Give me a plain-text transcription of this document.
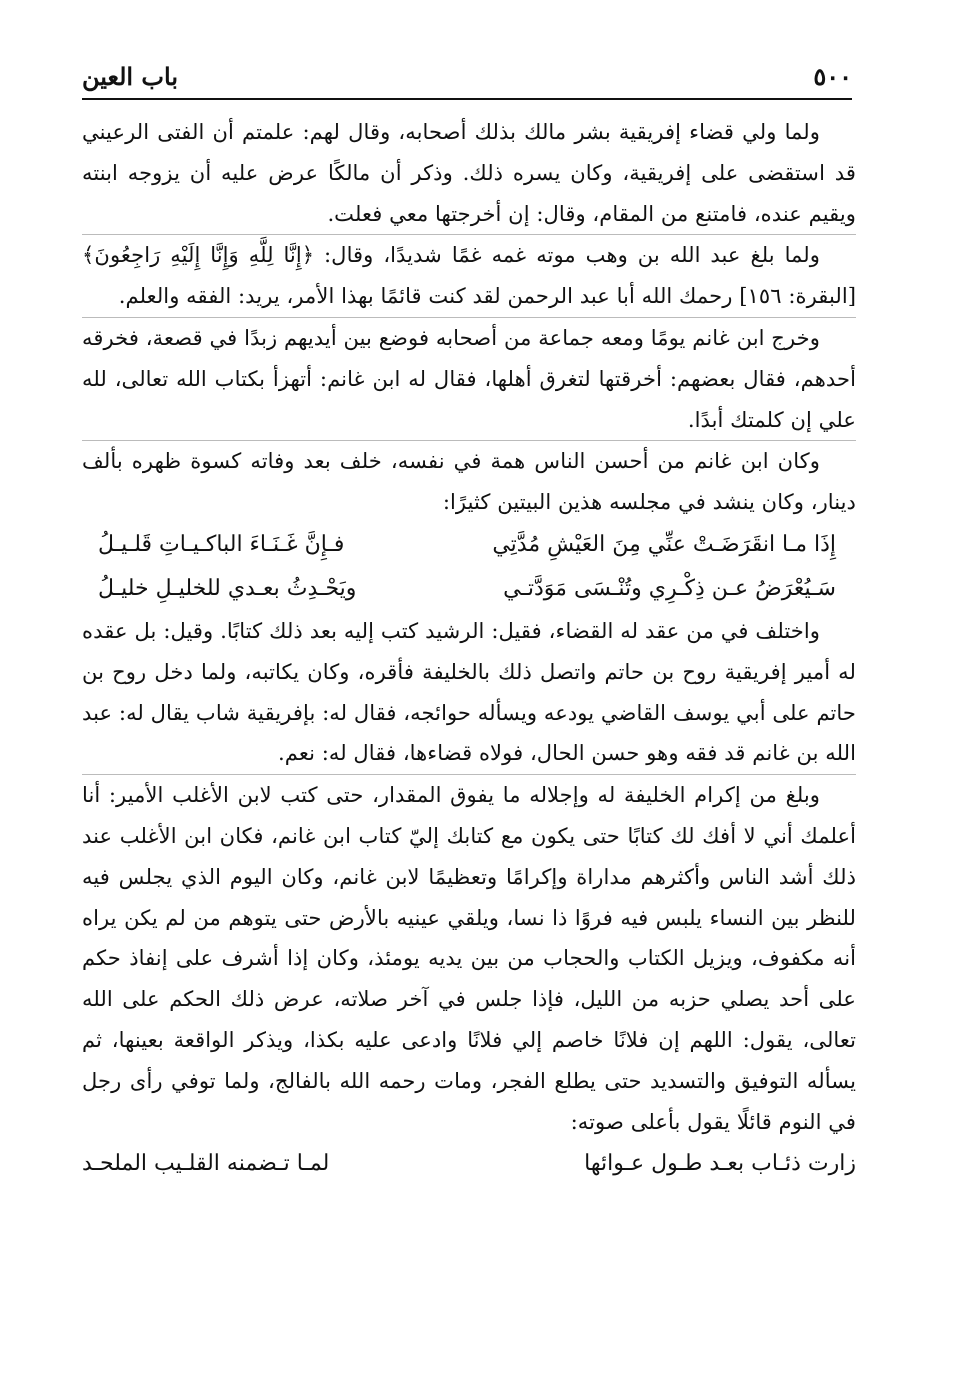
باب العين	٥٠٠

ولما ولي قضاء إفريقية بشر مالك بذلك أصحابه، وقال لهم: علمتم أن الفتى الرعيني قد استقضى على إفريقية، وكان يسره ذلك. وذكر أن مالكًا عرض عليه أن يزوجه ابنته ويقيم عنده، فامتنع من المقام، وقال: إن أخرجتها معي فعلت.

ولما بلغ عبد الله بن وهب موته غمه غمًا شديدًا، وقال: ﴿إِنَّا لِلَّهِ وَإِنَّا إِلَيْهِ رَاجِعُونَ﴾ [البقرة: ١٥٦] رحمك الله أبا عبد الرحمن لقد كنت قائمًا بهذا الأمر، يريد: الفقه والعلم.

وخرج ابن غانم يومًا ومعه جماعة من أصحابه فوضع بين أيديهم زبدًا في قصعة، فخرقه أحدهم، فقال بعضهم: أخرقتها لتغرق أهلها، فقال له ابن غانم: أتهزأ بكتاب الله تعالى، لله علي إن كلمتك أبدًا.

وكان ابن غانم من أحسن الناس همة في نفسه، خلف بعد وفاته كسوة ظهره بألف دينار، وكان ينشد في مجلسه هذين البيتين كثيرًا:

إِذَا مـا انقَرَضَـتْ عنِّي مِنَ العَيْشِ مُدَّتِي
فـإِنَّ غَـنَـاءَ الباكـيـاتِ قَلـيـلُ
سَـيُعْرَضُ عـن ذِكْـرِي وتُنْـسَى مَوَدَّتـي
ويَحْـدِثُ بعـدي للخليـلِ خليـلُ

واختلف في من عقد له القضاء، فقيل: الرشيد كتب إليه بعد ذلك كتابًا. وقيل: بل عقده له أمير إفريقية روح بن حاتم واتصل ذلك بالخليفة فأقره، وكان يكاتبه، ولما دخل روح بن حاتم على أبي يوسف القاضي يودعه ويسأله حوائجه، فقال له: بإفريقية شاب يقال له: عبد الله بن غانم قد فقه وهو حسن الحال، فولاه قضاءها، فقال له: نعم.

وبلغ من إكرام الخليفة له وإجلاله ما يفوق المقدار، حتى كتب لابن الأغلب الأمير: أنا أعلمك أني لا أفك لك كتابًا حتى يكون مع كتابك إليّ كتاب ابن غانم، فكان ابن الأغلب عند ذلك أشد الناس وأكثرهم مداراة وإكرامًا وتعظيمًا لابن غانم، وكان اليوم الذي يجلس فيه للنظر بين النساء يلبس فيه فروًا ذا نسا، ويلقي عينيه بالأرض حتى يتوهم من لم يكن يراه أنه مكفوف، ويزيل الكتاب والحجاب من بين يديه يومئذ، وكان إذا أشرف على إنفاذ حكم على أحد يصلي حزبه من الليل، فإذا جلس في آخر صلاته، عرض ذلك الحكم على الله تعالى، يقول: اللهم إن فلانًا خاصم إلي فلانًا وادعى عليه بكذا، ويذكر الواقعة بعينها، ثم يسأله التوفيق والتسديد حتى يطلع الفجر، ومات رحمه الله بالفالج، ولما توفي رأى رجل في النوم قائلًا يقول بأعلى صوته:

زارت ذئـاب بعـد طـول عـوائها
لمـا تـضمنه القلـيب الملحـد
